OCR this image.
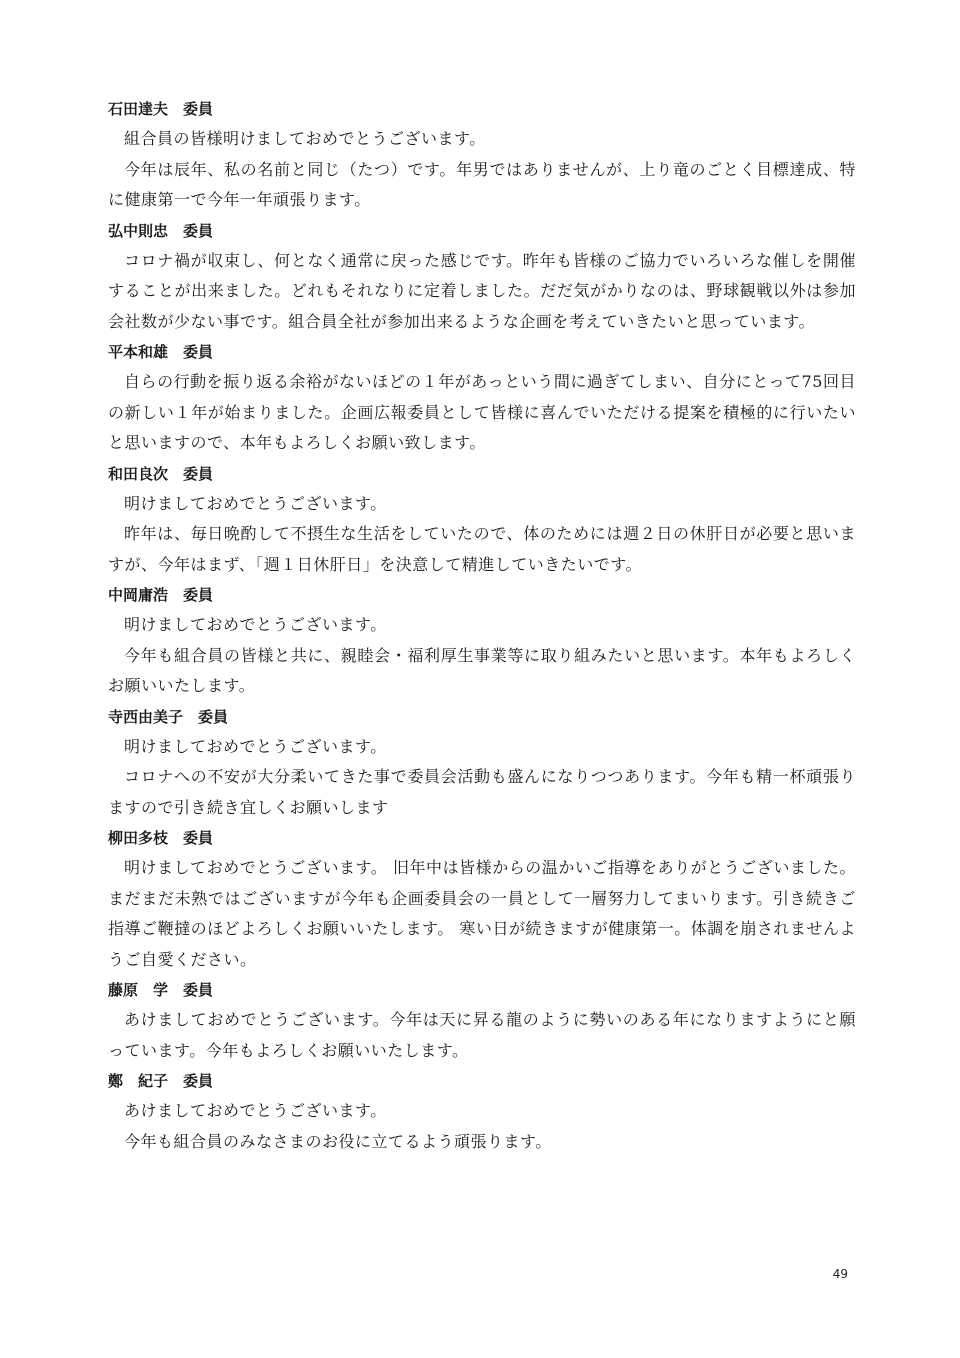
石田達夫　委員

組合員の皆様明けましておめでとうございます。

今年は辰年、私の名前と同じ（たつ）です。年男ではありませんが、上り竜のごとく目標達成、特に健康第一で今年一年頑張ります。

弘中則忠　委員

コロナ禍が収束し、何となく通常に戻った感じです。昨年も皆様のご協力でいろいろな催しを開催することが出来ました。どれもそれなりに定着しました。だだ気がかりなのは、野球観戦以外は参加会社数が少ない事です。組合員全社が参加出来るような企画を考えていきたいと思っています。

平本和雄　委員

自らの行動を振り返る余裕がないほどの１年があっという間に過ぎてしまい、自分にとって75回目の新しい１年が始まりました。企画広報委員として皆様に喜んでいただける提案を積極的に行いたいと思いますので、本年もよろしくお願い致します。

和田良次　委員

明けましておめでとうございます。

昨年は、毎日晩酌して不摂生な生活をしていたので、体のためには週２日の休肝日が必要と思いますが、今年はまず、「週１日休肝日」を決意して精進していきたいです。

中岡庸浩　委員

明けましておめでとうございます。

今年も組合員の皆様と共に、親睦会・福利厚生事業等に取り組みたいと思います。本年もよろしくお願いいたします。

寺西由美子　委員

明けましておめでとうございます。

コロナへの不安が大分柔いてきた事で委員会活動も盛んになりつつあります。今年も精一杯頑張りますので引き続き宜しくお願いします

柳田多枝　委員

明けましておめでとうございます。 旧年中は皆様からの温かいご指導をありがとうございました。まだまだ未熟ではございますが今年も企画委員会の一員として一層努力してまいります。引き続きご指導ご鞭撻のほどよろしくお願いいたします。 寒い日が続きますが健康第一。体調を崩されませんようご自愛ください。

藤原　学　委員

あけましておめでとうございます。今年は天に昇る龍のように勢いのある年になりますようにと願っています。今年もよろしくお願いいたします。

鄭　紀子　委員

あけましておめでとうございます。

今年も組合員のみなさまのお役に立てるよう頑張ります。

49
